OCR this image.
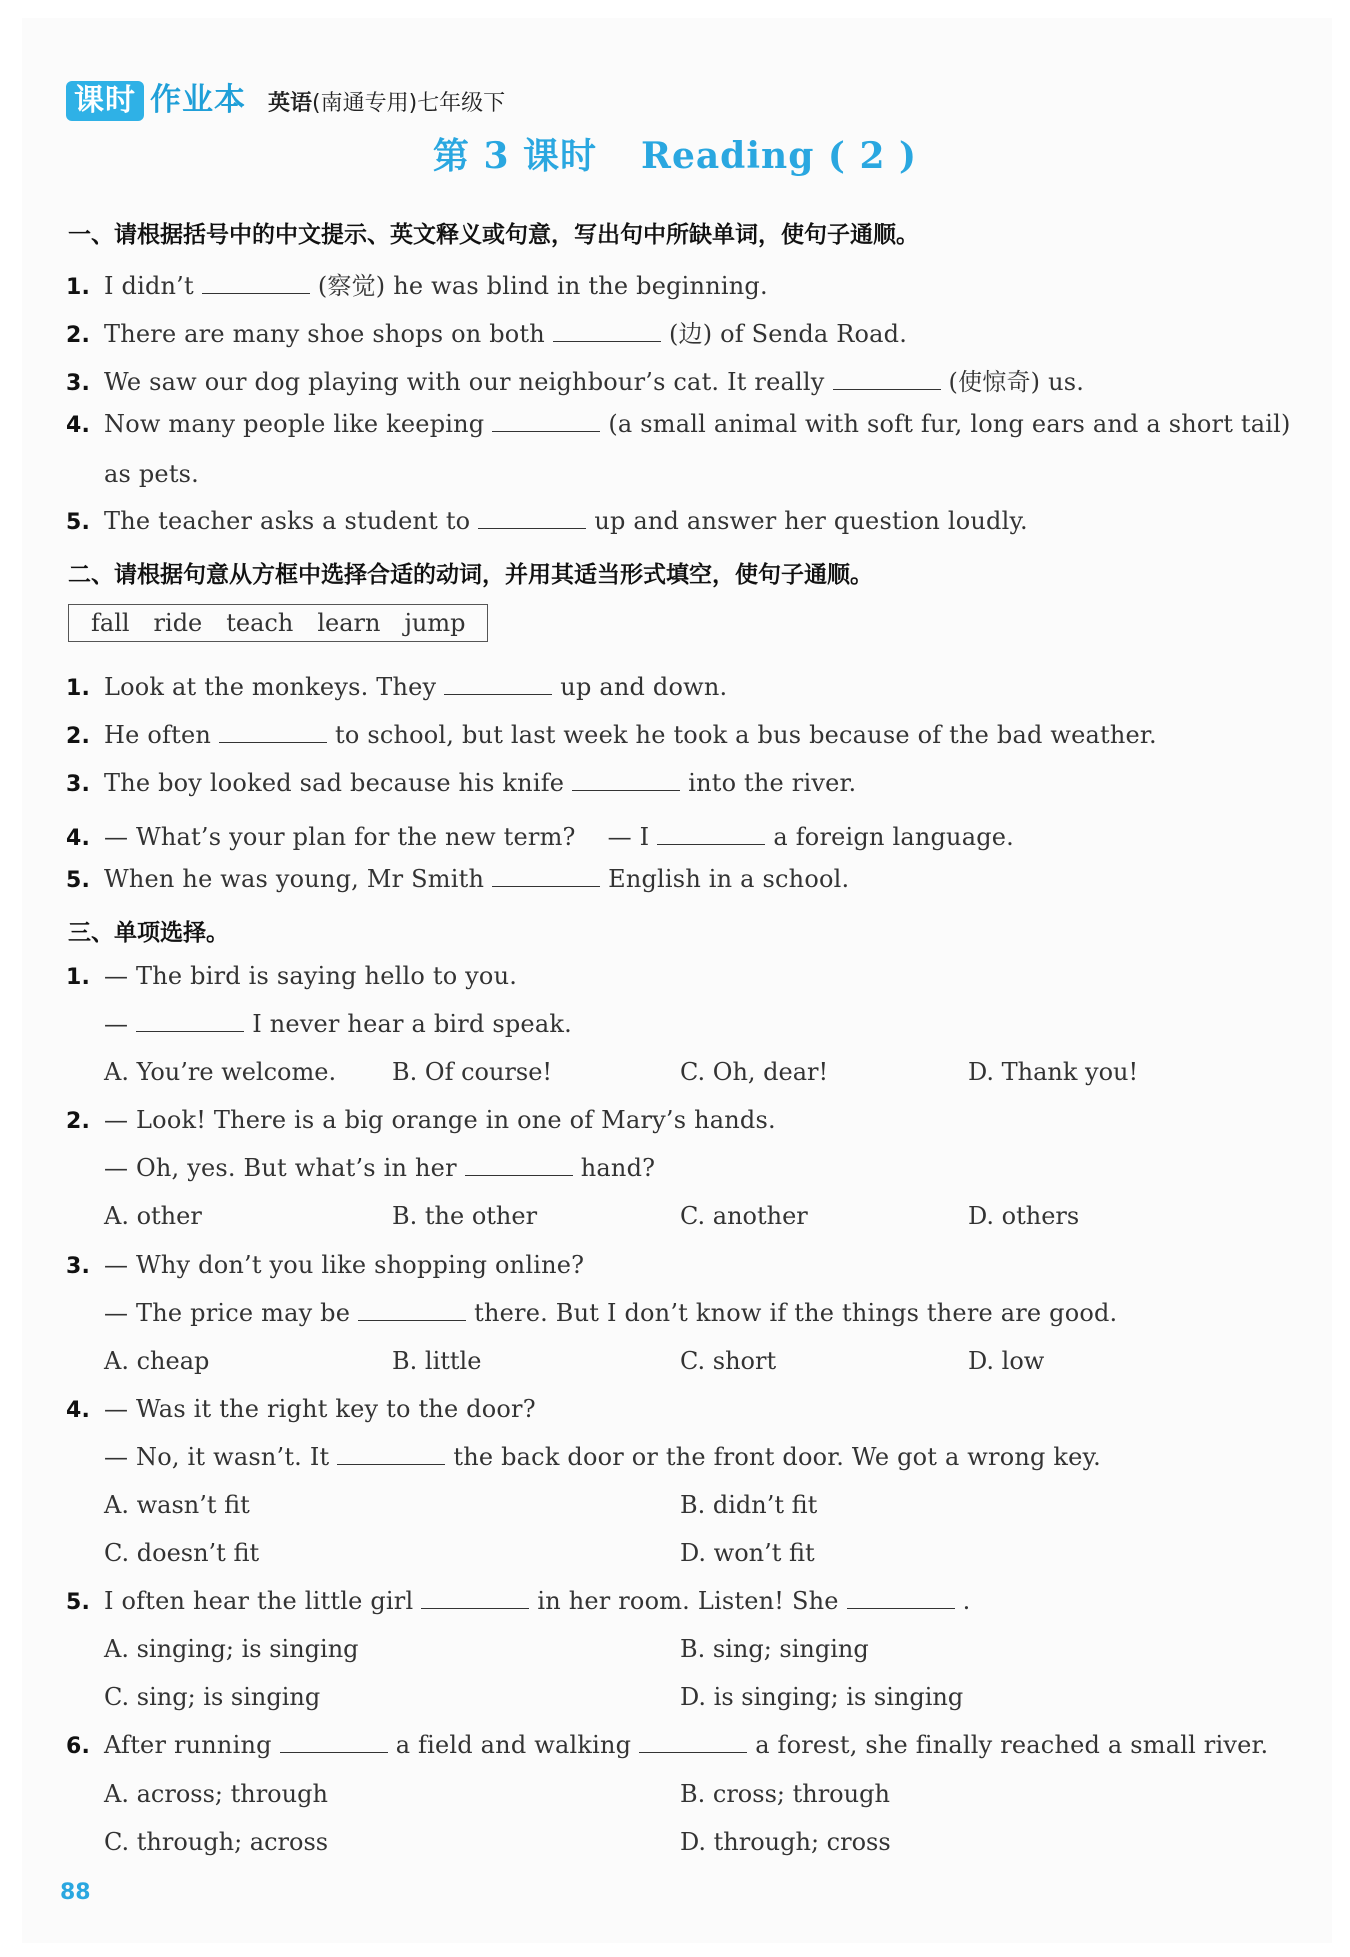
课时 作业本 英语(南通专用)七年级下
第 3 课时 Reading ( 2 )
一、请根据括号中的中文提示、英文释义或句意，写出句中所缺单词，使句子通顺。
1. I didn’t	(察觉) he was blind in the beginning.
2. There are many shoe shops on both	(边) of Senda Road.
3. We saw our dog playing with our neighbour’s cat. It really	(使惊奇) us.
4. Now many people like keeping	(a small animal with soft fur, long ears and a short tail)
as pets.
5. The teacher asks a student to	up and answer her question loudly.
二、请根据句意从方框中选择合适的动词，并用其适当形式填空，使句子通顺。
fall ride teach learn jump
1. Look at the monkeys. They	up and down.
2. He often	to school, but last week he took a bus because of the bad weather.
3. The boy looked sad because his knife	into the river.
4. — What’s your plan for the new term?　 — I	a foreign language.
5. When he was young, Mr Smith	English in a school.
三、单项选择。
1. — The bird is saying hello to you.
—	I never hear a bird speak.
A. You’re welcome. B. Of course!	C. Oh, dear!	D. Thank you!
2. — Look! There is a big orange in one of Mary’s hands.
— Oh, yes. But what’s in her	hand?
A. other	B. the other	C. another	D. others
3. — Why don’t you like shopping online?
— The price may be	there. But I don’t know if the things there are good.
A. cheap	B. little	C. short	D. low
4. — Was it the right key to the door?
— No, it wasn’t. It	the back door or the front door. We got a wrong key.
A. wasn’t fit	B. didn’t fit
C. doesn’t fit	D. won’t fit
5. I often hear the little girl	in her room. Listen! She	.
A. singing; is singing	B. sing; singing
C. sing; is singing	D. is singing; is singing
6. After running	a field and walking	a forest, she finally reached a small river.
A. across; through	B. cross; through
C. through; across	D. through; cross
88
